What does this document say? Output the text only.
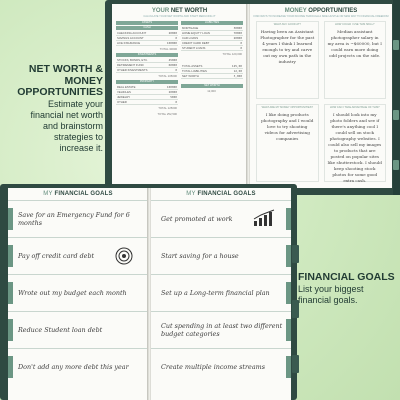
YOUR NET WORTH
CALCULATE YOUR NET WORTH AND START REDUCING IT
ASSETS
CASH
CHECKING ACCOUNT	20000
SAVINGS ACCOUNT	0
LIFE INSURANCE	100000
TOTAL 30000
INVESTMENTS
STOCKS, BONDS, ETC.	45000
RETIREMENT FUND	60000
OTHER INVESTMENTS	0
TOTAL 105000
PROPERTY
REAL ESTATE	100000
VEHICLES	20000
JEWELRY	5000
OTHER	0
TOTAL 125000
TOTAL 252,500
LIABILITIES
MORTGAGE	30000
HOME EQUITY LOAN	70000
CAR LOANS	20000
CREDIT CARD DEBT	0
STUDENT LOANS	0
TOTAL 120,000
TOTAL ASSETS	125,00
TOTAL LIABILITIES	12,00
NET WORTH	3,000
NET WORTH
12,000
MONEY OPPORTUNITIES
FIND WAYS TO INCREASE YOUR INCOME THROUGH A SIDE HUSTLE OR NEW WAY TO FINANCIAL FREEDOM
WHAT AM I GOOD AT?
Having been an Assistant Photographer for the past 4 years I think I learned enough to try and carve out my own path in the industry
HOW COULD I USE THIS SKILL?
Median assistant photographer salary in my area is ~$60000, but I could earn more doing odd projects on the side.
WHAT ARE MY MONEY OPPORTUNITIES?
I like doing products photography and I would love to try shooting videos for advertising companies
HOW CAN I TAKE ADVANTAGE OF THIS?
I should look into my photo folders and see if there's anything cool I could sell on stock photography websites. I could also sell my images to products that are posted on popular sites like shutterstock. I should keep shooting stock photos for some good extra cash.
MY FINANCIAL GOALS
Save for an Emergency Fund for 6 months
Pay off credit card debt
Wrote out my budget each month
Reduce Student loan debt
Don't add any more debt this year
MY FINANCIAL GOALS
Get promoted at work
Start saving for a house
Set up a Long-term financial plan
Cut spending in at least two different budget categories
Create multiple income streams
NET WORTH &
MONEY
OPPORTUNITIES
Estimate your
financial net worth
and brainstorm
strategies to
increase it.
FINANCIAL GOALS
List your biggest
financial goals.
